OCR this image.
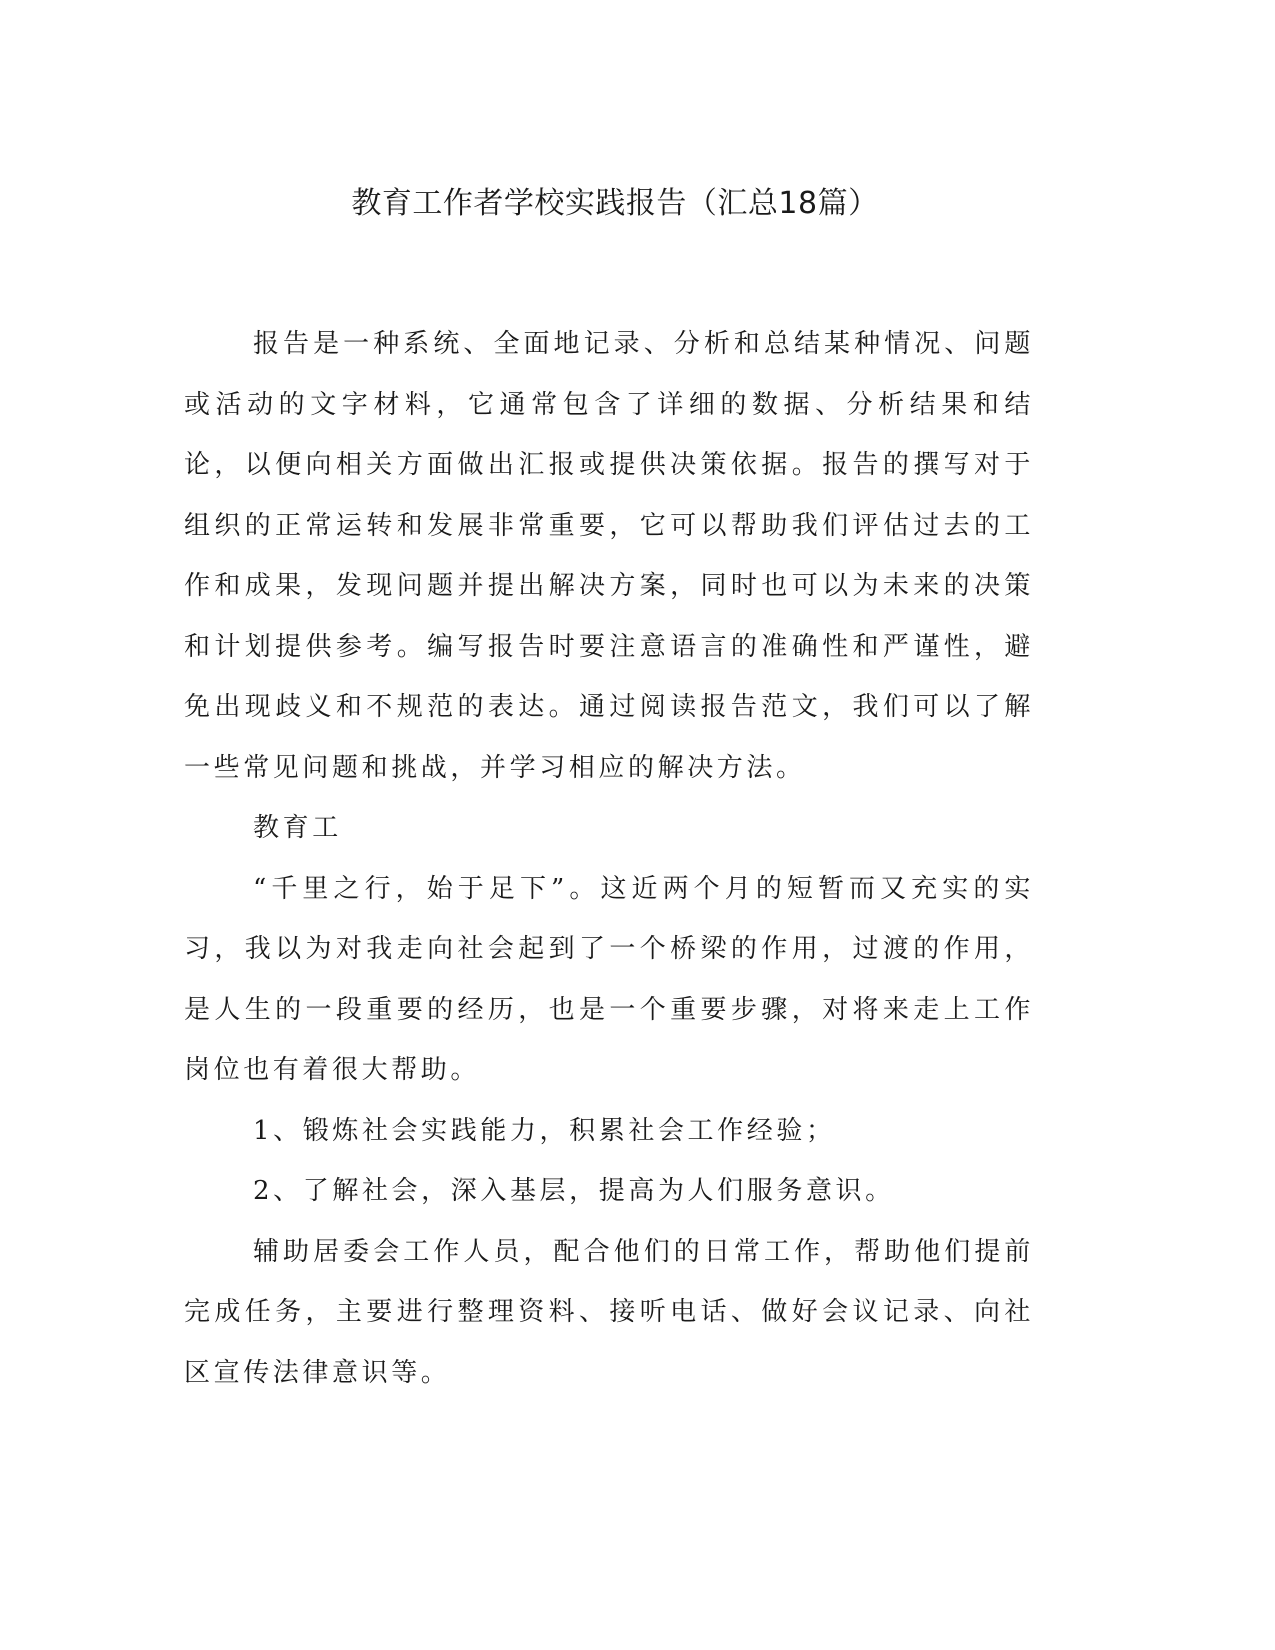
教育工作者学校实践报告（汇总18篇）

报告是一种系统、全面地记录、分析和总结某种情况、问题或活动的文字材料，它通常包含了详细的数据、分析结果和结论，以便向相关方面做出汇报或提供决策依据。报告的撰写对于组织的正常运转和发展非常重要，它可以帮助我们评估过去的工作和成果，发现问题并提出解决方案，同时也可以为未来的决策和计划提供参考。编写报告时要注意语言的准确性和严谨性，避免出现歧义和不规范的表达。通过阅读报告范文，我们可以了解一些常见问题和挑战，并学习相应的解决方法。

教育工

“千里之行，始于足下”。这近两个月的短暂而又充实的实习，我以为对我走向社会起到了一个桥梁的作用，过渡的作用，是人生的一段重要的经历，也是一个重要步骤，对将来走上工作岗位也有着很大帮助。

1、锻炼社会实践能力，积累社会工作经验；

2、了解社会，深入基层，提高为人们服务意识。

辅助居委会工作人员，配合他们的日常工作，帮助他们提前完成任务，主要进行整理资料、接听电话、做好会议记录、向社区宣传法律意识等。
